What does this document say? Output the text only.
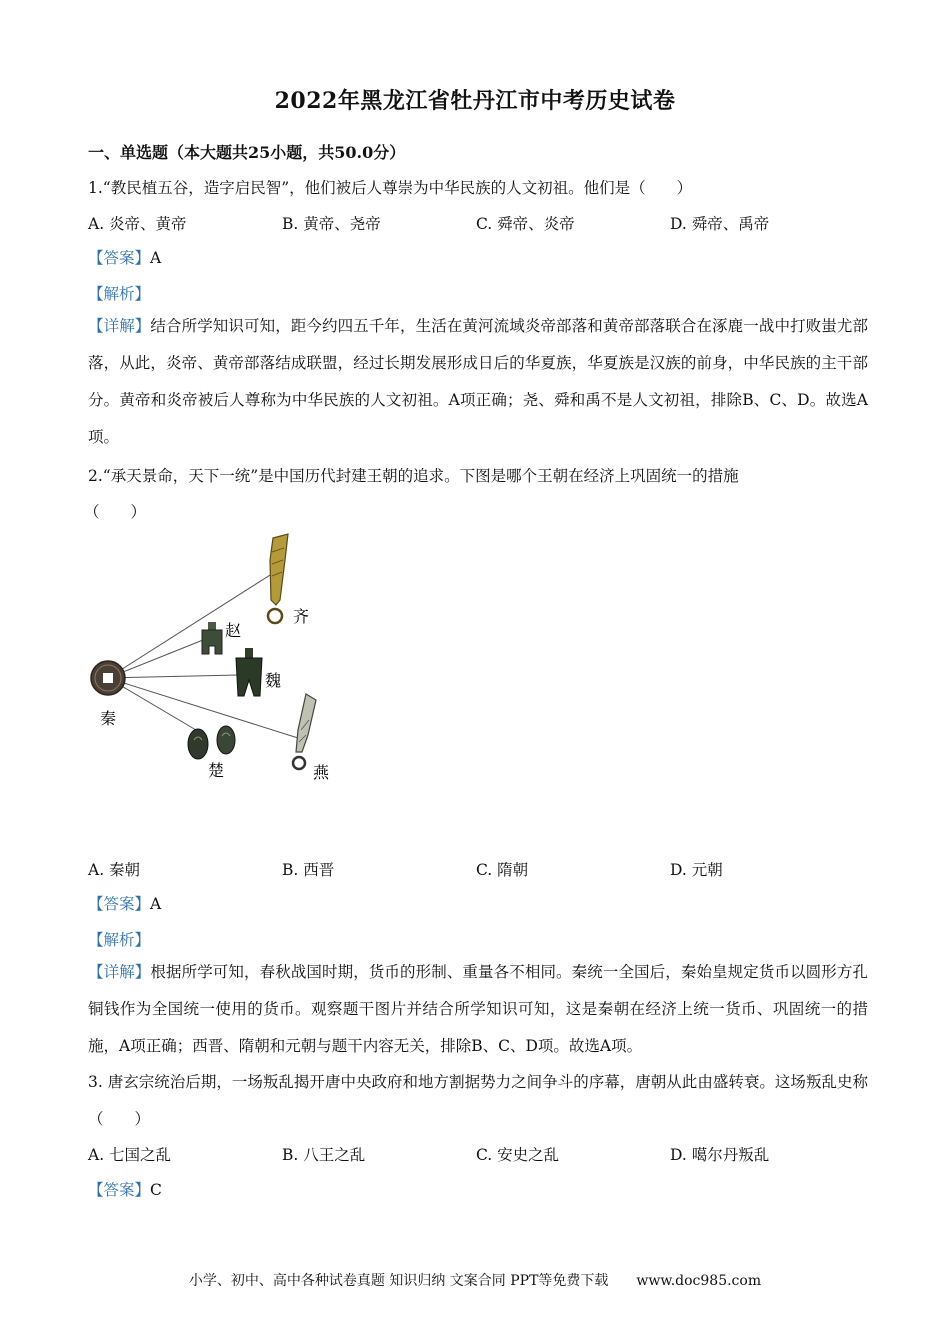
2022年黑龙江省牡丹江市中考历史试卷
一、单选题（本大题共25小题，共50.0分）
1.“教民植五谷，造字启民智”，他们被后人尊崇为中华民族的人文初祖。他们是（　　）
A. 炎帝、黄帝	B. 黄帝、尧帝	C. 舜帝、炎帝	D. 舜帝、禹帝
【答案】A
【解析】
【详解】结合所学知识可知，距今约四五千年，生活在黄河流域炎帝部落和黄帝部落联合在涿鹿一战中打败蚩尤部落，从此，炎帝、黄帝部落结成联盟，经过长期发展形成日后的华夏族，华夏族是汉族的前身，中华民族的主干部分。黄帝和炎帝被后人尊称为中华民族的人文初祖。A项正确；尧、舜和禹不是人文初祖，排除B、C、D。故选A项。
2.“承天景命，天下一统”是中国历代封建王朝的追求。下图是哪个王朝在经济上巩固统一的措施
（　　）
齐
赵
魏
秦
楚	燕
A. 秦朝	B. 西晋	C. 隋朝	D. 元朝
【答案】A
【解析】
【详解】根据所学可知，春秋战国时期，货币的形制、重量各不相同。秦统一全国后，秦始皇规定货币以圆形方孔铜钱作为全国统一使用的货币。观察题干图片并结合所学知识可知，这是秦朝在经济上统一货币、巩固统一的措施，A项正确；西晋、隋朝和元朝与题干内容无关，排除B、C、D项。故选A项。
3. 唐玄宗统治后期，一场叛乱揭开唐中央政府和地方割据势力之间争斗的序幕，唐朝从此由盛转衰。这场叛乱史称（　　）
A. 七国之乱	B. 八王之乱	C. 安史之乱	D. 噶尔丹叛乱
【答案】C
小学、初中、高中各种试卷真题 知识归纳 文案合同 PPT等免费下载　　www.doc985.com
